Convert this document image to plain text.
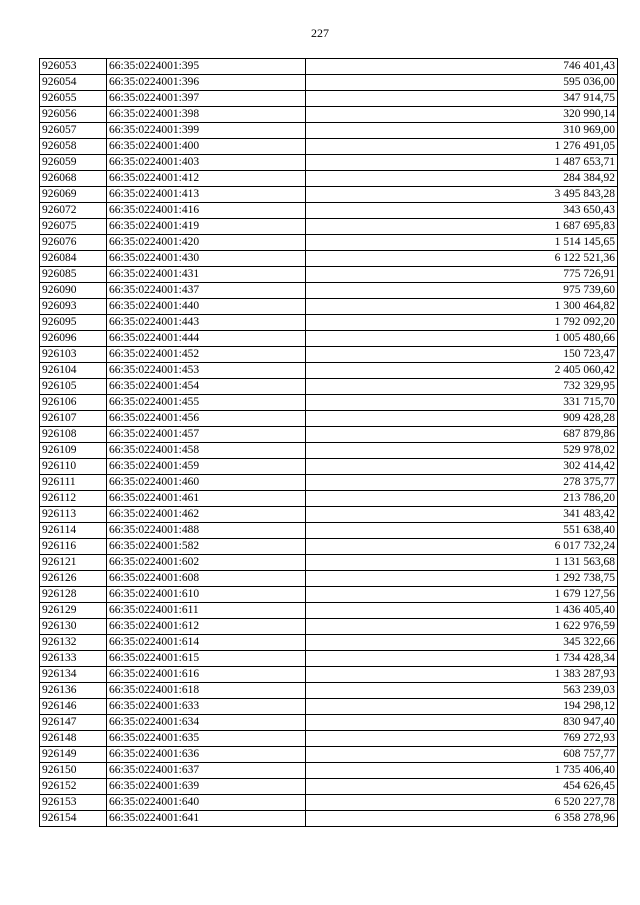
227
926053	66:35:0224001:395	746 401,43
926054	66:35:0224001:396	595 036,00
926055	66:35:0224001:397	347 914,75
926056	66:35:0224001:398	320 990,14
926057	66:35:0224001:399	310 969,00
926058	66:35:0224001:400	1 276 491,05
926059	66:35:0224001:403	1 487 653,71
926068	66:35:0224001:412	284 384,92
926069	66:35:0224001:413	3 495 843,28
926072	66:35:0224001:416	343 650,43
926075	66:35:0224001:419	1 687 695,83
926076	66:35:0224001:420	1 514 145,65
926084	66:35:0224001:430	6 122 521,36
926085	66:35:0224001:431	775 726,91
926090	66:35:0224001:437	975 739,60
926093	66:35:0224001:440	1 300 464,82
926095	66:35:0224001:443	1 792 092,20
926096	66:35:0224001:444	1 005 480,66
926103	66:35:0224001:452	150 723,47
926104	66:35:0224001:453	2 405 060,42
926105	66:35:0224001:454	732 329,95
926106	66:35:0224001:455	331 715,70
926107	66:35:0224001:456	909 428,28
926108	66:35:0224001:457	687 879,86
926109	66:35:0224001:458	529 978,02
926110	66:35:0224001:459	302 414,42
926111	66:35:0224001:460	278 375,77
926112	66:35:0224001:461	213 786,20
926113	66:35:0224001:462	341 483,42
926114	66:35:0224001:488	551 638,40
926116	66:35:0224001:582	6 017 732,24
926121	66:35:0224001:602	1 131 563,68
926126	66:35:0224001:608	1 292 738,75
926128	66:35:0224001:610	1 679 127,56
926129	66:35:0224001:611	1 436 405,40
926130	66:35:0224001:612	1 622 976,59
926132	66:35:0224001:614	345 322,66
926133	66:35:0224001:615	1 734 428,34
926134	66:35:0224001:616	1 383 287,93
926136	66:35:0224001:618	563 239,03
926146	66:35:0224001:633	194 298,12
926147	66:35:0224001:634	830 947,40
926148	66:35:0224001:635	769 272,93
926149	66:35:0224001:636	608 757,77
926150	66:35:0224001:637	1 735 406,40
926152	66:35:0224001:639	454 626,45
926153	66:35:0224001:640	6 520 227,78
926154	66:35:0224001:641	6 358 278,96
